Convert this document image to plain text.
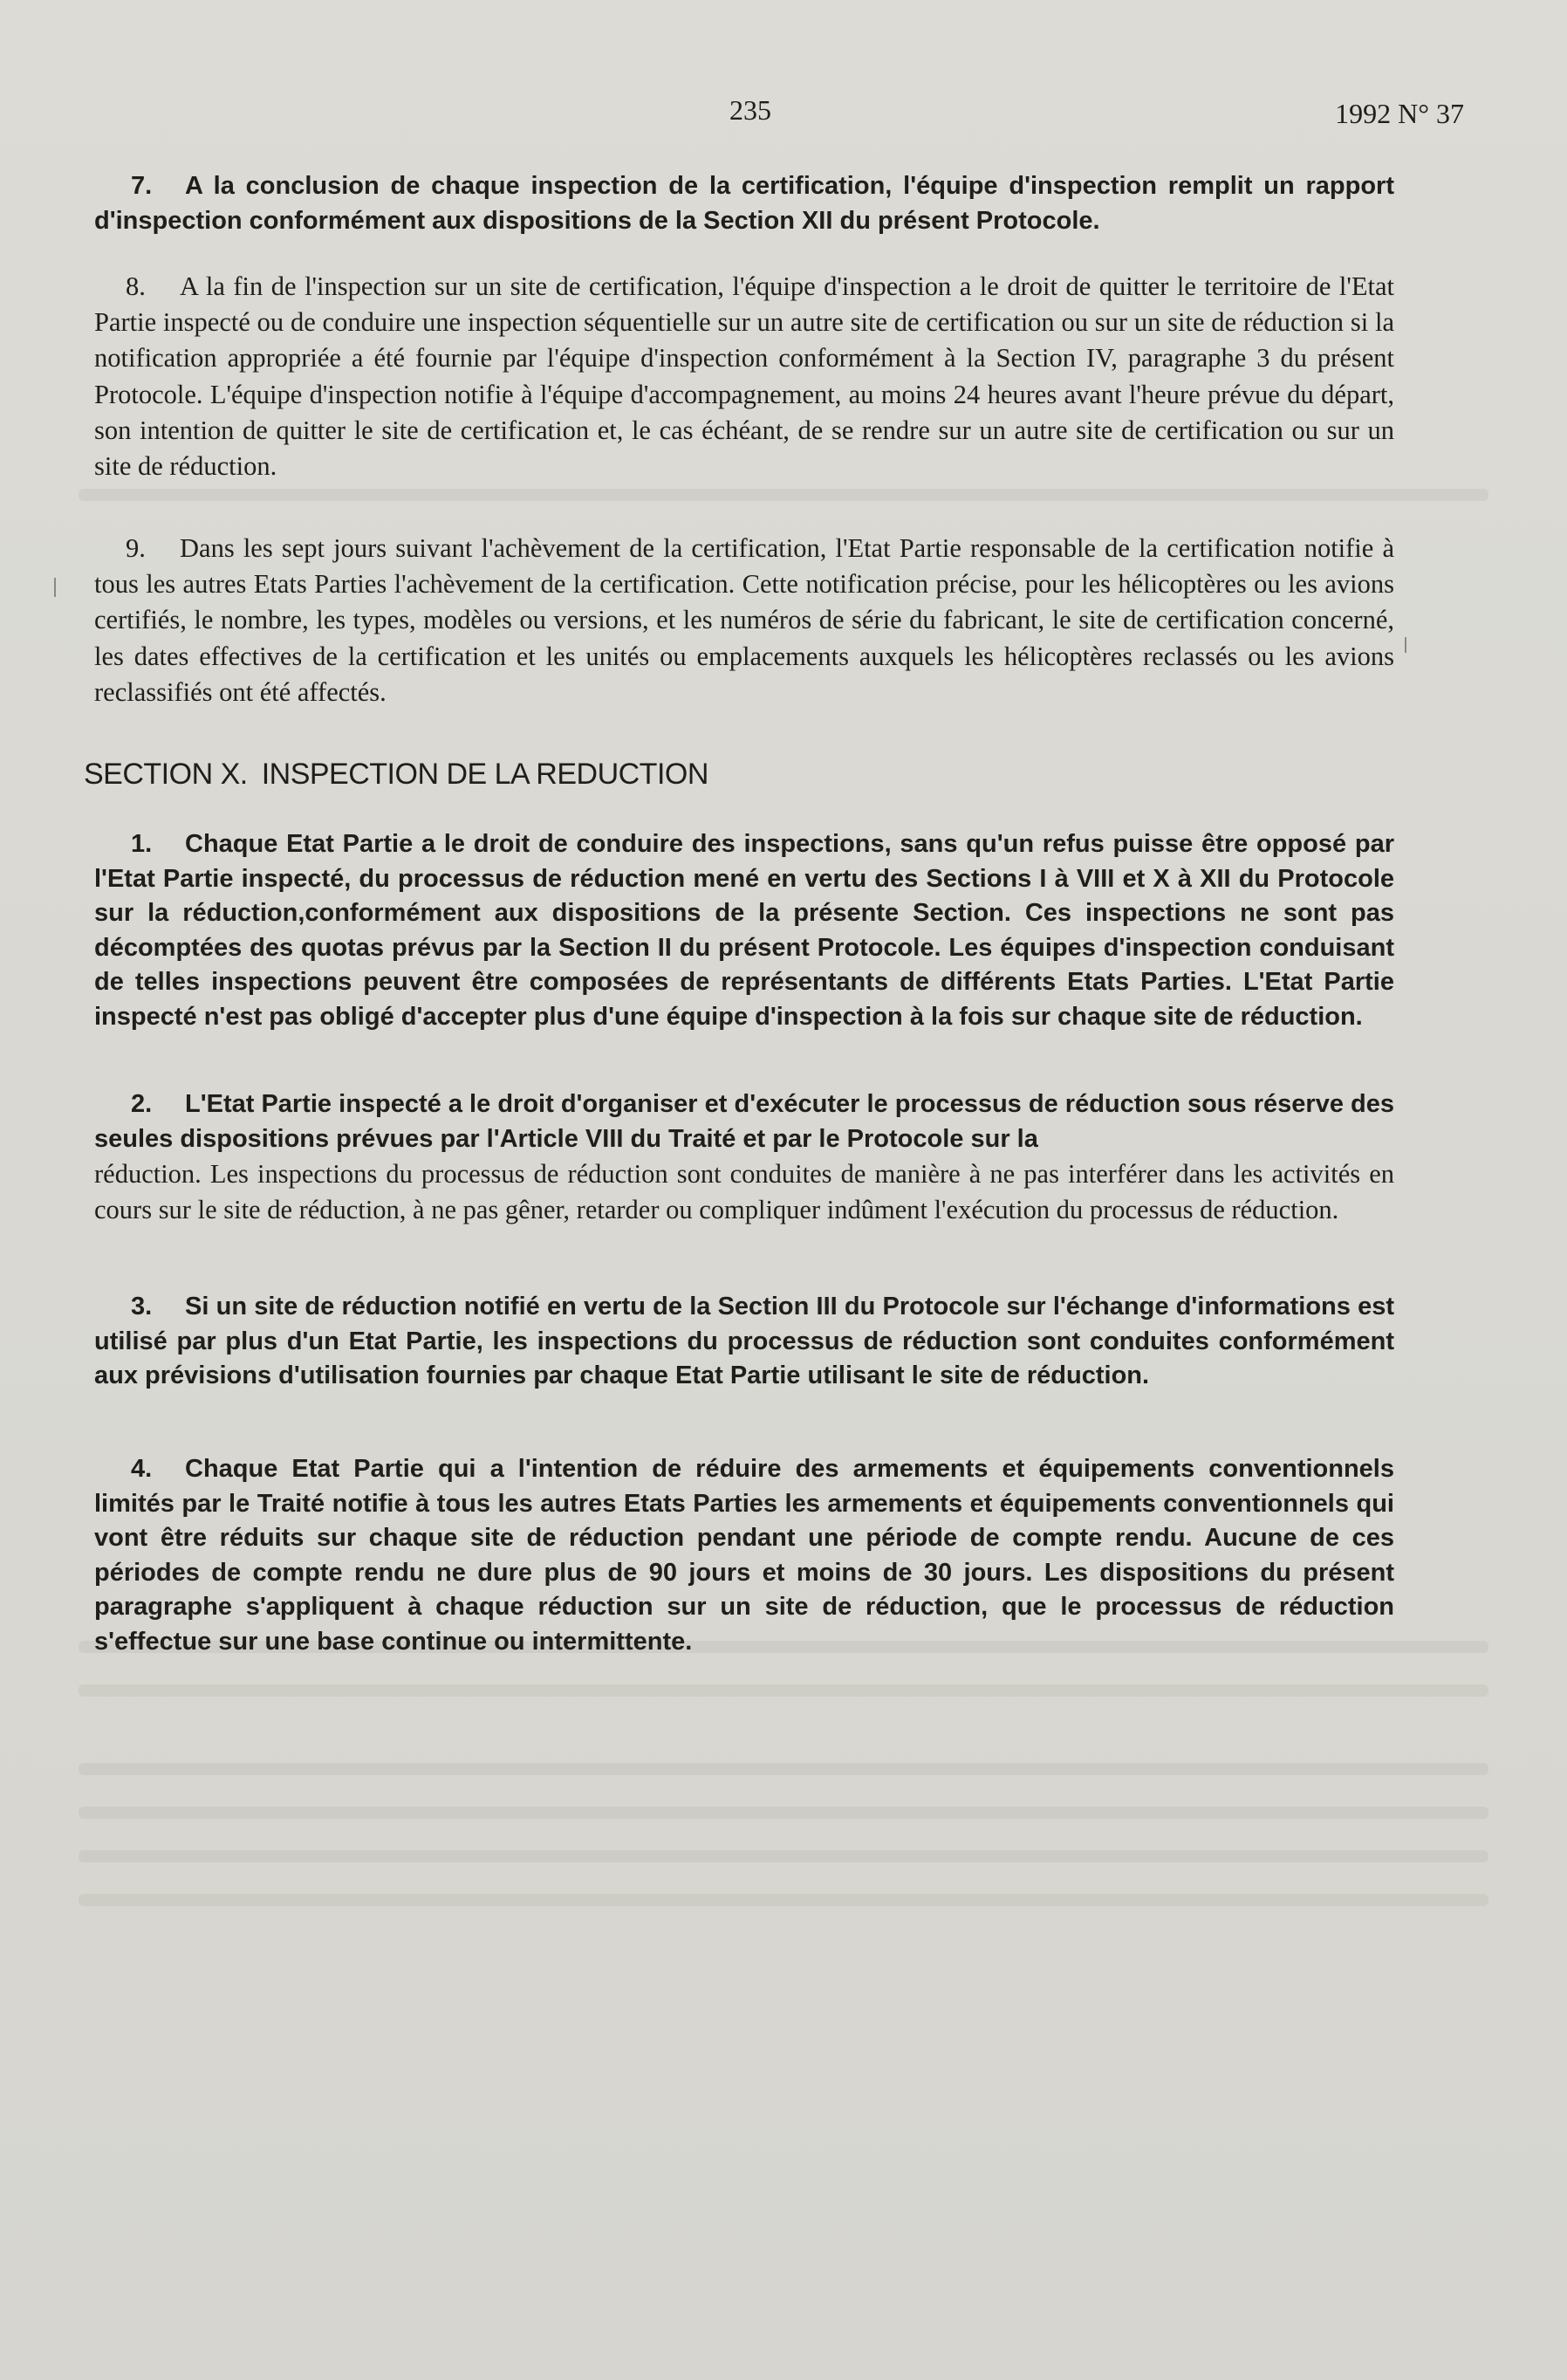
235	1992 N° 37
7. A la conclusion de chaque inspection de la certification, l'équipe d'inspection remplit un rapport d'inspection conformément aux dispositions de la Section XII du présent Protocole.
8. A la fin de l'inspection sur un site de certification, l'équipe d'inspection a le droit de quitter le territoire de l'Etat Partie inspecté ou de conduire une inspection séquentielle sur un autre site de certification ou sur un site de réduction si la notification appropriée a été fournie par l'équipe d'inspection conformément à la Section IV, paragraphe 3 du présent Protocole. L'équipe d'inspection notifie à l'équipe d'accompagnement, au moins 24 heures avant l'heure prévue du départ, son intention de quitter le site de certification et, le cas échéant, de se rendre sur un autre site de certification ou sur un site de réduction.
9. Dans les sept jours suivant l'achèvement de la certification, l'Etat Partie responsable de la certification notifie à tous les autres Etats Parties l'achèvement de la certification. Cette notification précise, pour les hélicoptères ou les avions certifiés, le nombre, les types, modèles ou versions, et les numéros de série du fabricant, le site de certification concerné, les dates effectives de la certification et les unités ou emplacements auxquels les hélicoptères reclassés ou les avions reclassifiés ont été affectés.
SECTION X. INSPECTION DE LA REDUCTION
1. Chaque Etat Partie a le droit de conduire des inspections, sans qu'un refus puisse être opposé par l'Etat Partie inspecté, du processus de réduction mené en vertu des Sections I à VIII et X à XII du Protocole sur la réduction,conformément aux dispositions de la présente Section. Ces inspections ne sont pas décomptées des quotas prévus par la Section II du présent Protocole. Les équipes d'inspection conduisant de telles inspections peuvent être composées de représentants de différents Etats Parties. L'Etat Partie inspecté n'est pas obligé d'accepter plus d'une équipe d'inspection à la fois sur chaque site de réduction.
2. L'Etat Partie inspecté a le droit d'organiser et d'exécuter le processus de réduction sous réserve des seules dispositions prévues par l'Article VIII du Traité et par le Protocole sur la
réduction. Les inspections du processus de réduction sont conduites de manière à ne pas interférer dans les activités en cours sur le site de réduction, à ne pas gêner, retarder ou compliquer indûment l'exécution du processus de réduction.
3. Si un site de réduction notifié en vertu de la Section III du Protocole sur l'échange d'informations est utilisé par plus d'un Etat Partie, les inspections du processus de réduction sont conduites conformément aux prévisions d'utilisation fournies par chaque Etat Partie utilisant le site de réduction.
4. Chaque Etat Partie qui a l'intention de réduire des armements et équipements conventionnels limités par le Traité notifie à tous les autres Etats Parties les armements et équipements conventionnels qui vont être réduits sur chaque site de réduction pendant une période de compte rendu. Aucune de ces périodes de compte rendu ne dure plus de 90 jours et moins de 30 jours. Les dispositions du présent paragraphe s'appliquent à chaque réduction sur un site de réduction, que le processus de réduction s'effectue sur une base continue ou intermittente.
